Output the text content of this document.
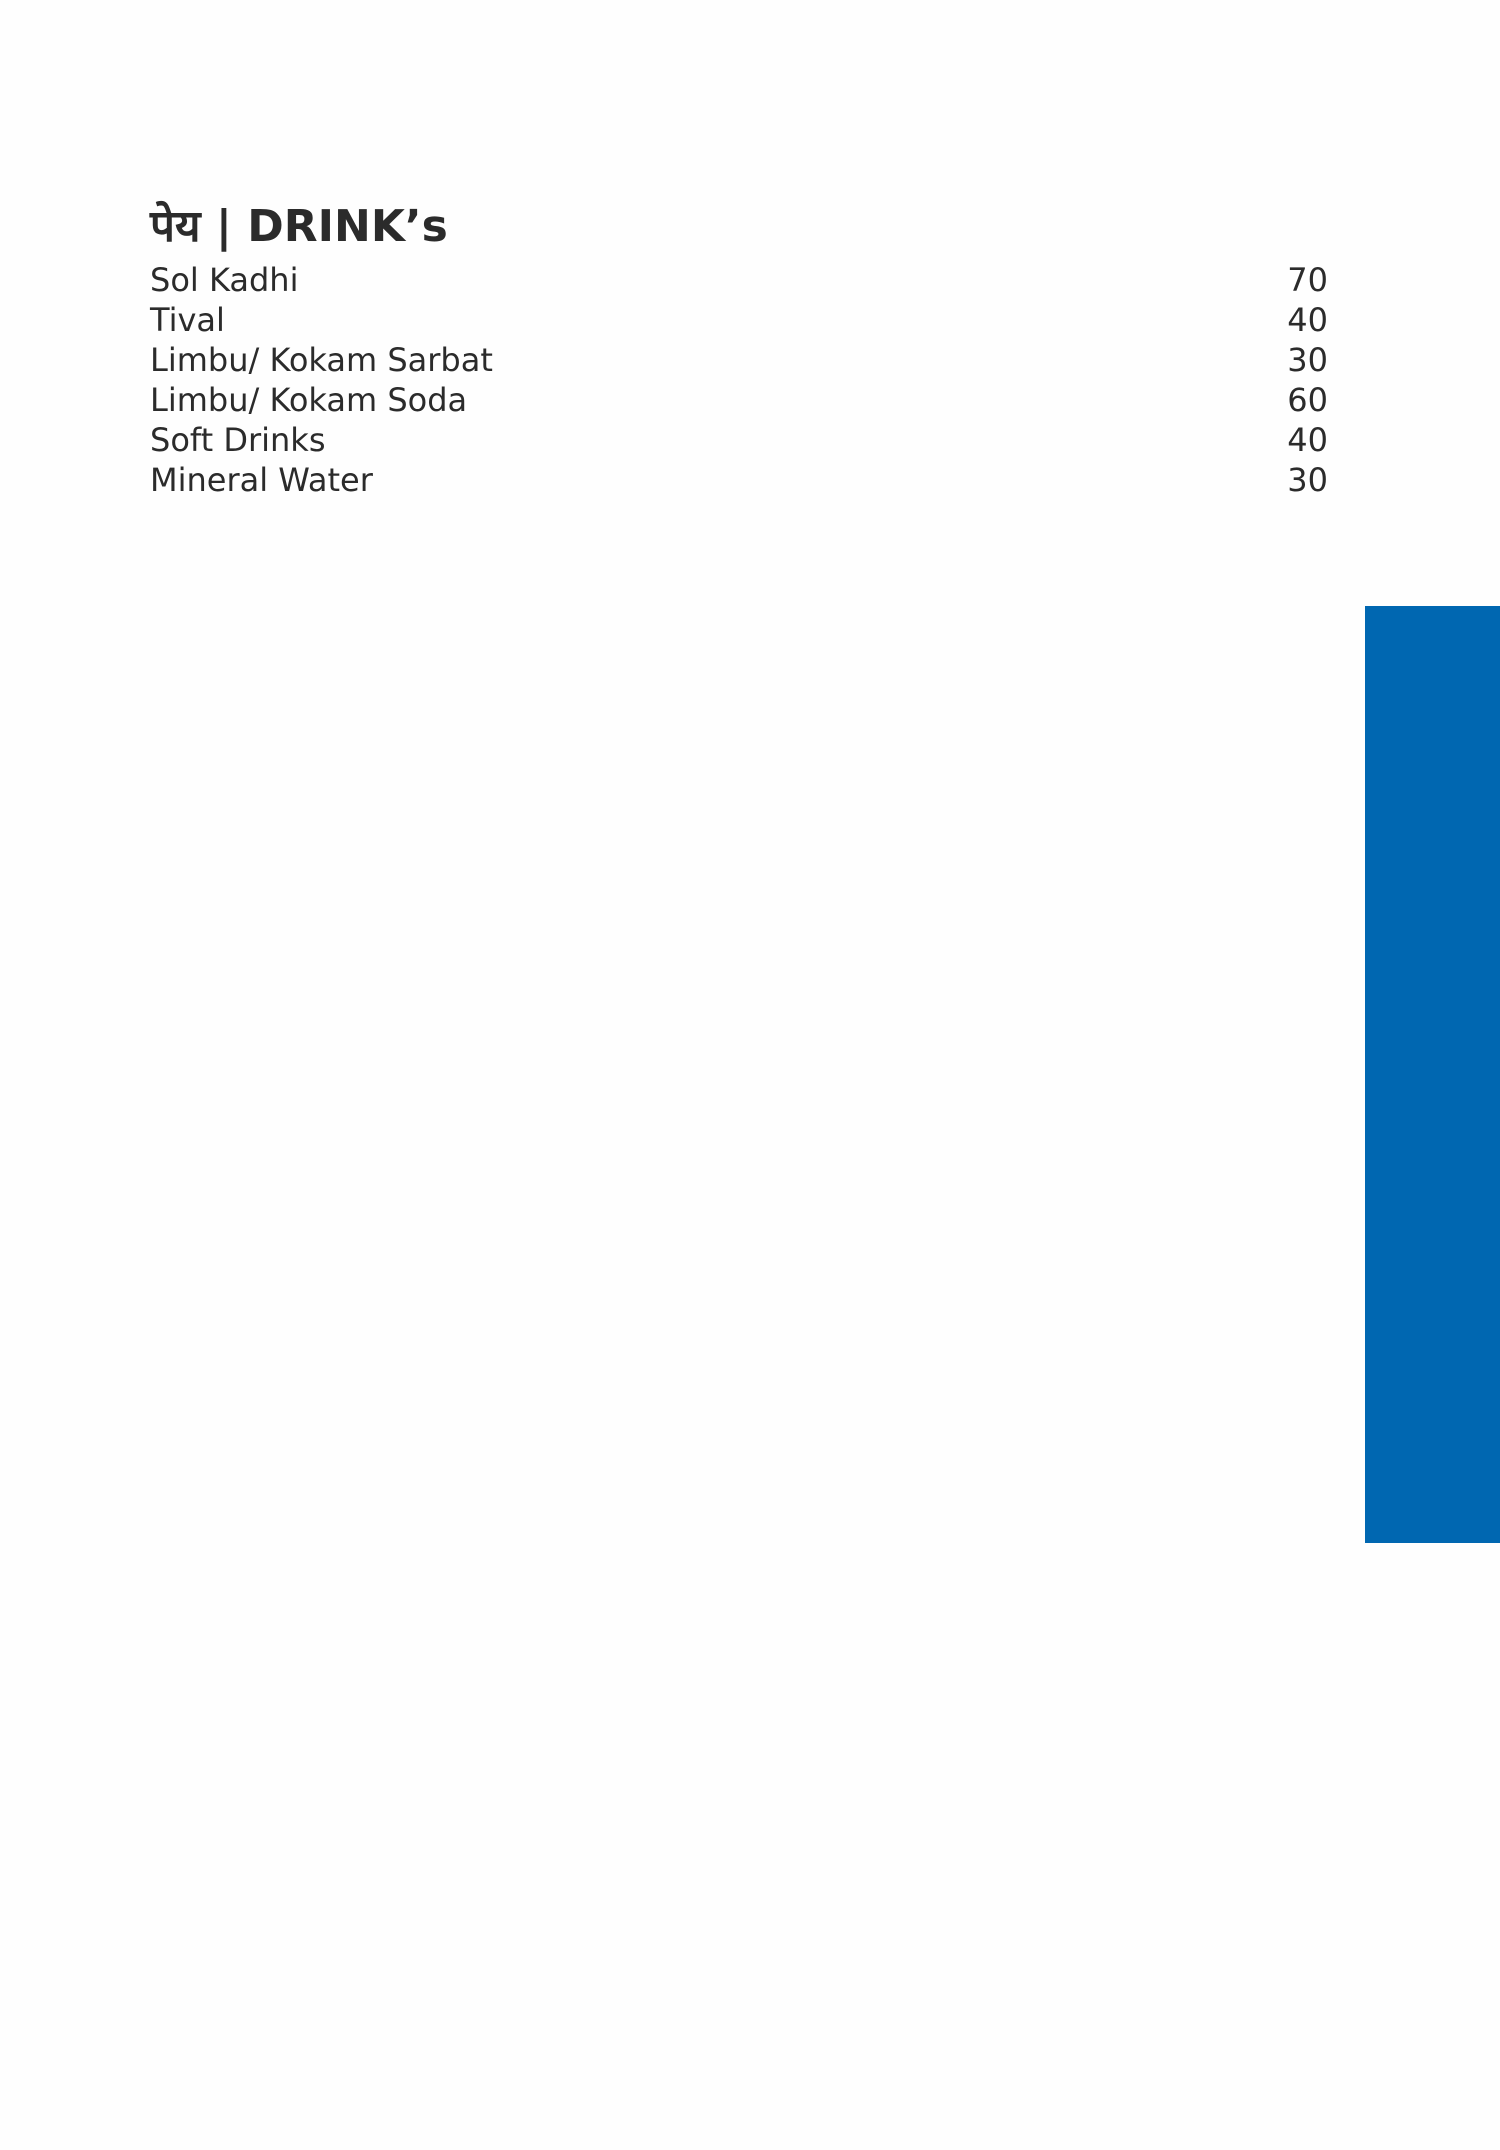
पेय | DRINK’s
Sol Kadhi	70
Tival	40
Limbu/ Kokam Sarbat	30
Limbu/ Kokam Soda	60
Soft Drinks	40
Mineral Water	30
